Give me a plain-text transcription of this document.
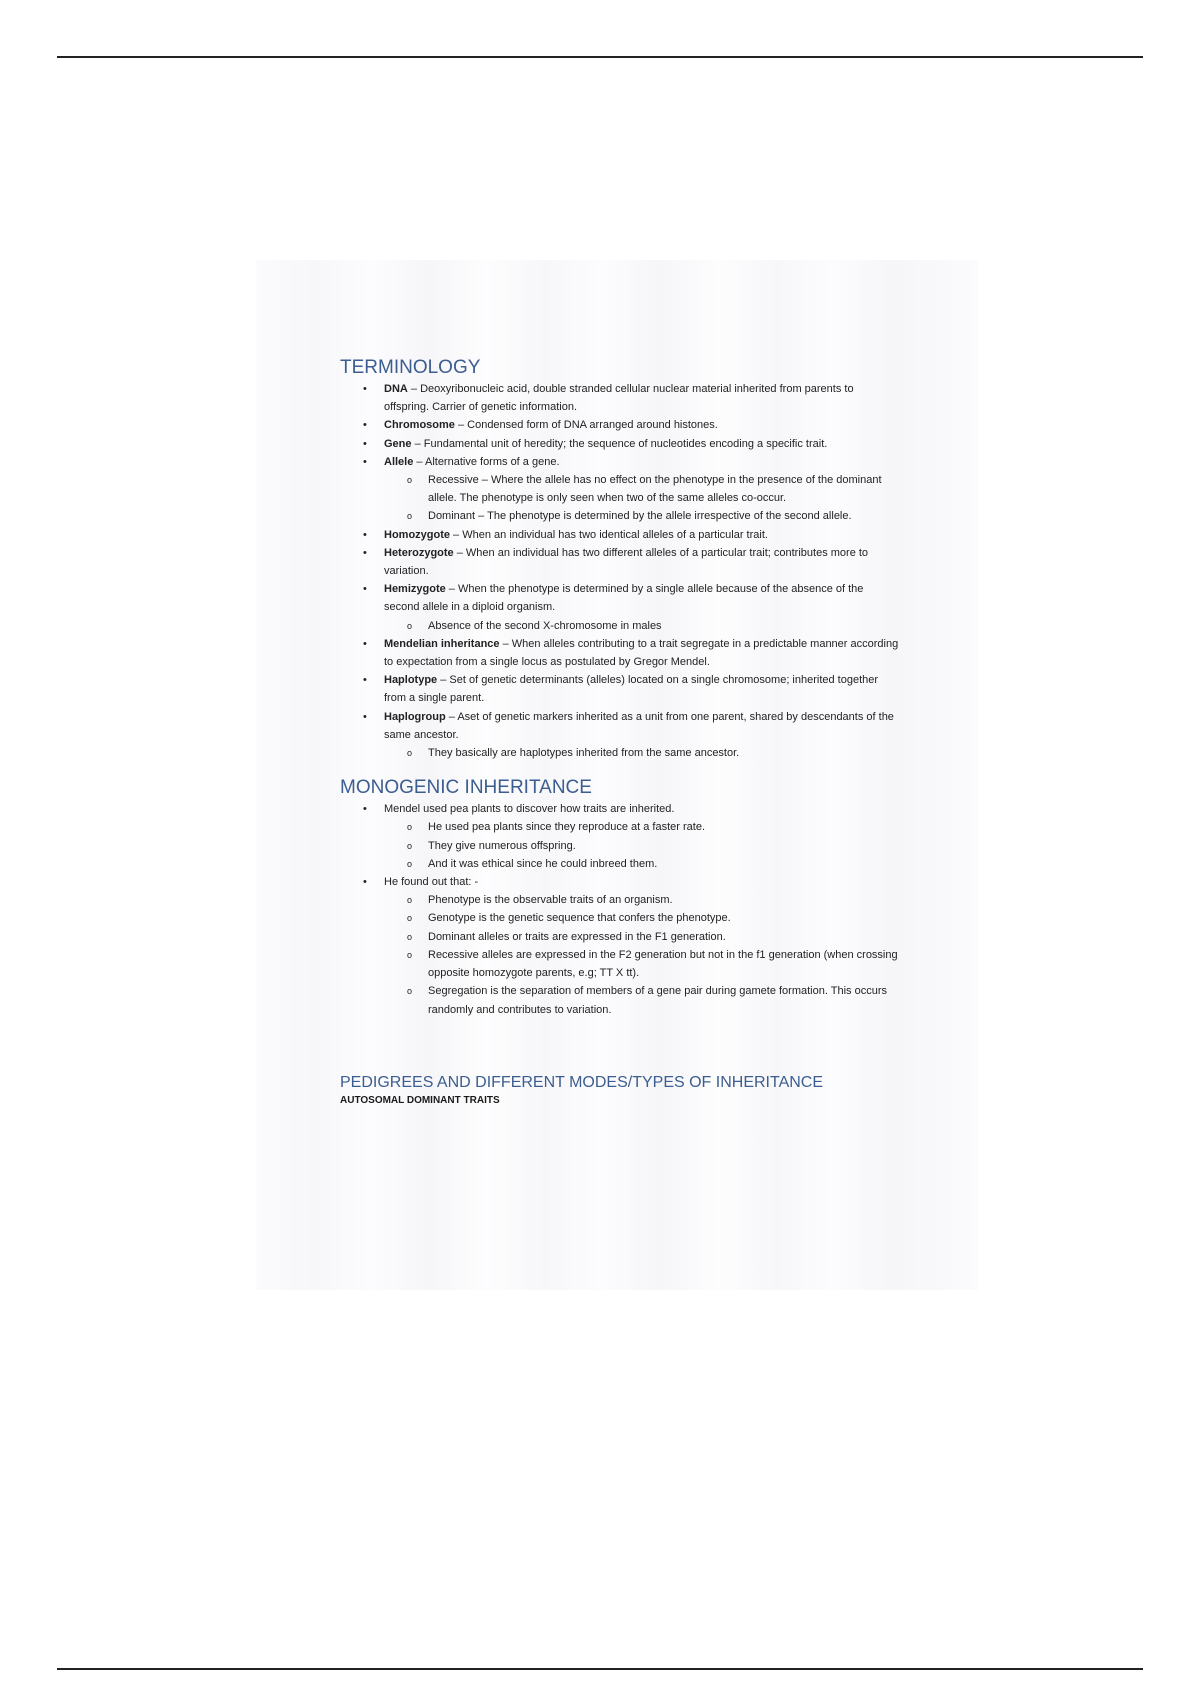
TERMINOLOGY
• DNA – Deoxyribonucleic acid, double stranded cellular nuclear material inherited from parents to offspring. Carrier of genetic information.
• Chromosome – Condensed form of DNA arranged around histones.
• Gene – Fundamental unit of heredity; the sequence of nucleotides encoding a specific trait.
• Allele – Alternative forms of a gene.
o Recessive – Where the allele has no effect on the phenotype in the presence of the dominant allele. The phenotype is only seen when two of the same alleles co-occur.
o Dominant – The phenotype is determined by the allele irrespective of the second allele.
• Homozygote – When an individual has two identical alleles of a particular trait.
• Heterozygote – When an individual has two different alleles of a particular trait; contributes more to variation.
• Hemizygote – When the phenotype is determined by a single allele because of the absence of the second allele in a diploid organism.
o Absence of the second X-chromosome in males
• Mendelian inheritance – When alleles contributing to a trait segregate in a predictable manner according to expectation from a single locus as postulated by Gregor Mendel.
• Haplotype – Set of genetic determinants (alleles) located on a single chromosome; inherited together from a single parent.
• Haplogroup – Aset of genetic markers inherited as a unit from one parent, shared by descendants of the same ancestor.
o They basically are haplotypes inherited from the same ancestor.
MONOGENIC INHERITANCE
• Mendel used pea plants to discover how traits are inherited.
o He used pea plants since they reproduce at a faster rate.
o They give numerous offspring.
o And it was ethical since he could inbreed them.
• He found out that: -
o Phenotype is the observable traits of an organism.
o Genotype is the genetic sequence that confers the phenotype.
o Dominant alleles or traits are expressed in the F1 generation.
o Recessive alleles are expressed in the F2 generation but not in the f1 generation (when crossing opposite homozygote parents, e.g; TT X tt).
o Segregation is the separation of members of a gene pair during gamete formation. This occurs randomly and contributes to variation.
PEDIGREES AND DIFFERENT MODES/TYPES OF INHERITANCE

AUTOSOMAL DOMINANT TRAITS
